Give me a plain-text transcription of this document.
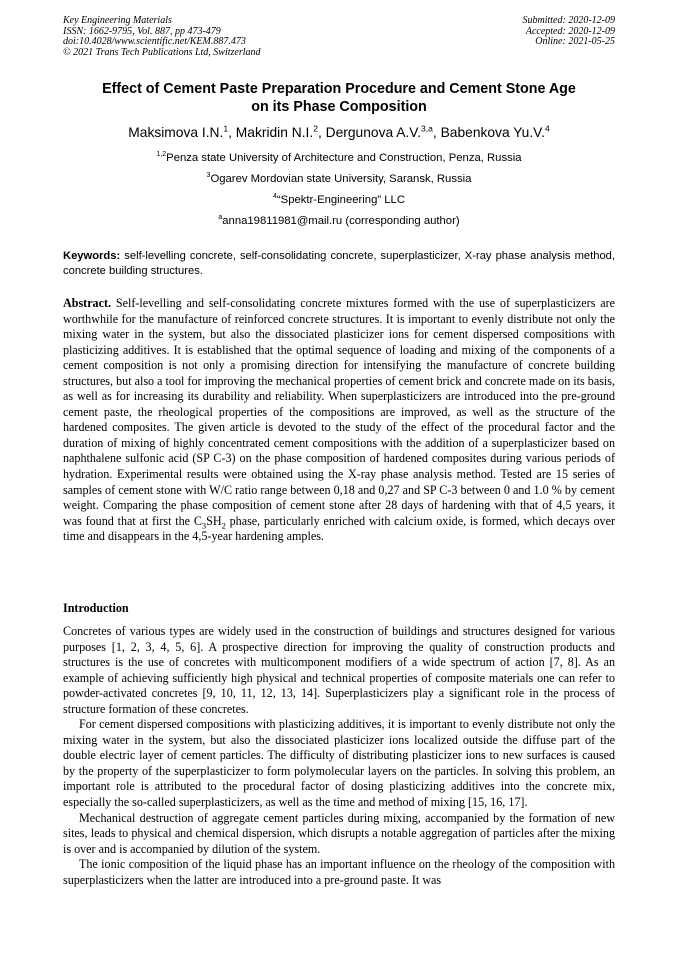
Key Engineering Materials
ISSN: 1662-9795, Vol. 887, pp 473-479
doi:10.4028/www.scientific.net/KEM.887.473
© 2021 Trans Tech Publications Ltd, Switzerland
Submitted: 2020-12-09
Accepted: 2020-12-09
Online: 2021-05-25
Effect of Cement Paste Preparation Procedure and Cement Stone Age
on its Phase Composition
Maksimova I.N.$^1$, Makridin N.I.$^2$, Dergunova A.V.$^{3,a}$, Babenkova Yu.V.$^4$
$^{1,2}$Penza state University of Architecture and Construction, Penza, Russia
$^3$Ogarev Mordovian state University, Saransk, Russia
$^4$“Spektr-Engineering” LLC
$^a$anna19811981@mail.ru (corresponding author)
Keywords: self-levelling concrete, self-consolidating concrete, superplasticizer, X-ray phase analysis method, concrete building structures.
Abstract. Self-levelling and self-consolidating concrete mixtures formed with the use of superplasticizers are worthwhile for the manufacture of reinforced concrete structures. It is important to evenly distribute not only the mixing water in the system, but also the dissociated plasticizer ions for cement dispersed compositions with plasticizing additives. It is established that the optimal sequence of loading and mixing of the components of a cement composition is not only a promising direction for intensifying the manufacture of concrete building structures, but also a tool for improving the mechanical properties of cement brick and concrete made on its basis, as well as for increasing its durability and reliability. When superplasticizers are introduced into the pre-ground cement paste, the rheological properties of the compositions are improved, as well as the structure of the hardened composites. The given article is devoted to the study of the effect of the procedural factor and the duration of mixing of highly concentrated cement compositions with the addition of a superplasticizer based on naphthalene sulfonic acid (SP C-3) on the phase composition of hardened composites during various periods of hydration. Experimental results were obtained using the X-ray phase analysis method. Tested are 15 series of samples of cement stone with W/C ratio range between 0,18 and 0,27 and SP C-3 between 0 and 1.0 % by cement weight. Comparing the phase composition of cement stone after 28 days of hardening with that of 4,5 years, it was found that at first the $C_3SH_2$ phase, particularly enriched with calcium oxide, is formed, which decays over time and disappears in the 4,5-year hardening amples.
Introduction

Concretes of various types are widely used in the construction of buildings and structures designed for various purposes [1, 2, 3, 4, 5, 6]. A prospective direction for improving the quality of construction products and structures is the use of concretes with multicomponent modifiers of a wide spectrum of action [7, 8]. As an example of achieving sufficiently high physical and technical properties of composite materials one can refer to powder-activated concretes [9, 10, 11, 12, 13, 14]. Superplasticizers play a significant role in the process of structure formation of these concretes.

For cement dispersed compositions with plasticizing additives, it is important to evenly distribute not only the mixing water in the system, but also the dissociated plasticizer ions localized outside the diffuse part of the double electric layer of cement particles. The difficulty of distributing plasticizer ions to new surfaces is caused by the property of the superplasticizer to form polymolecular layers on the particles. In solving this problem, an important role is attributed to the procedural factor of dosing plasticizing additives into the concrete mix, especially the so-called superplasticizers, as well as the time and method of mixing [15, 16, 17].

Mechanical destruction of aggregate cement particles during mixing, accompanied by the formation of new sites, leads to physical and chemical dispersion, which disrupts a notable aggregation of particles after the mixing is over and is accompanied by dilution of the system.

The ionic composition of the liquid phase has an important influence on the rheology of the composition with superplasticizers when the latter are introduced into a pre-ground paste. It was
